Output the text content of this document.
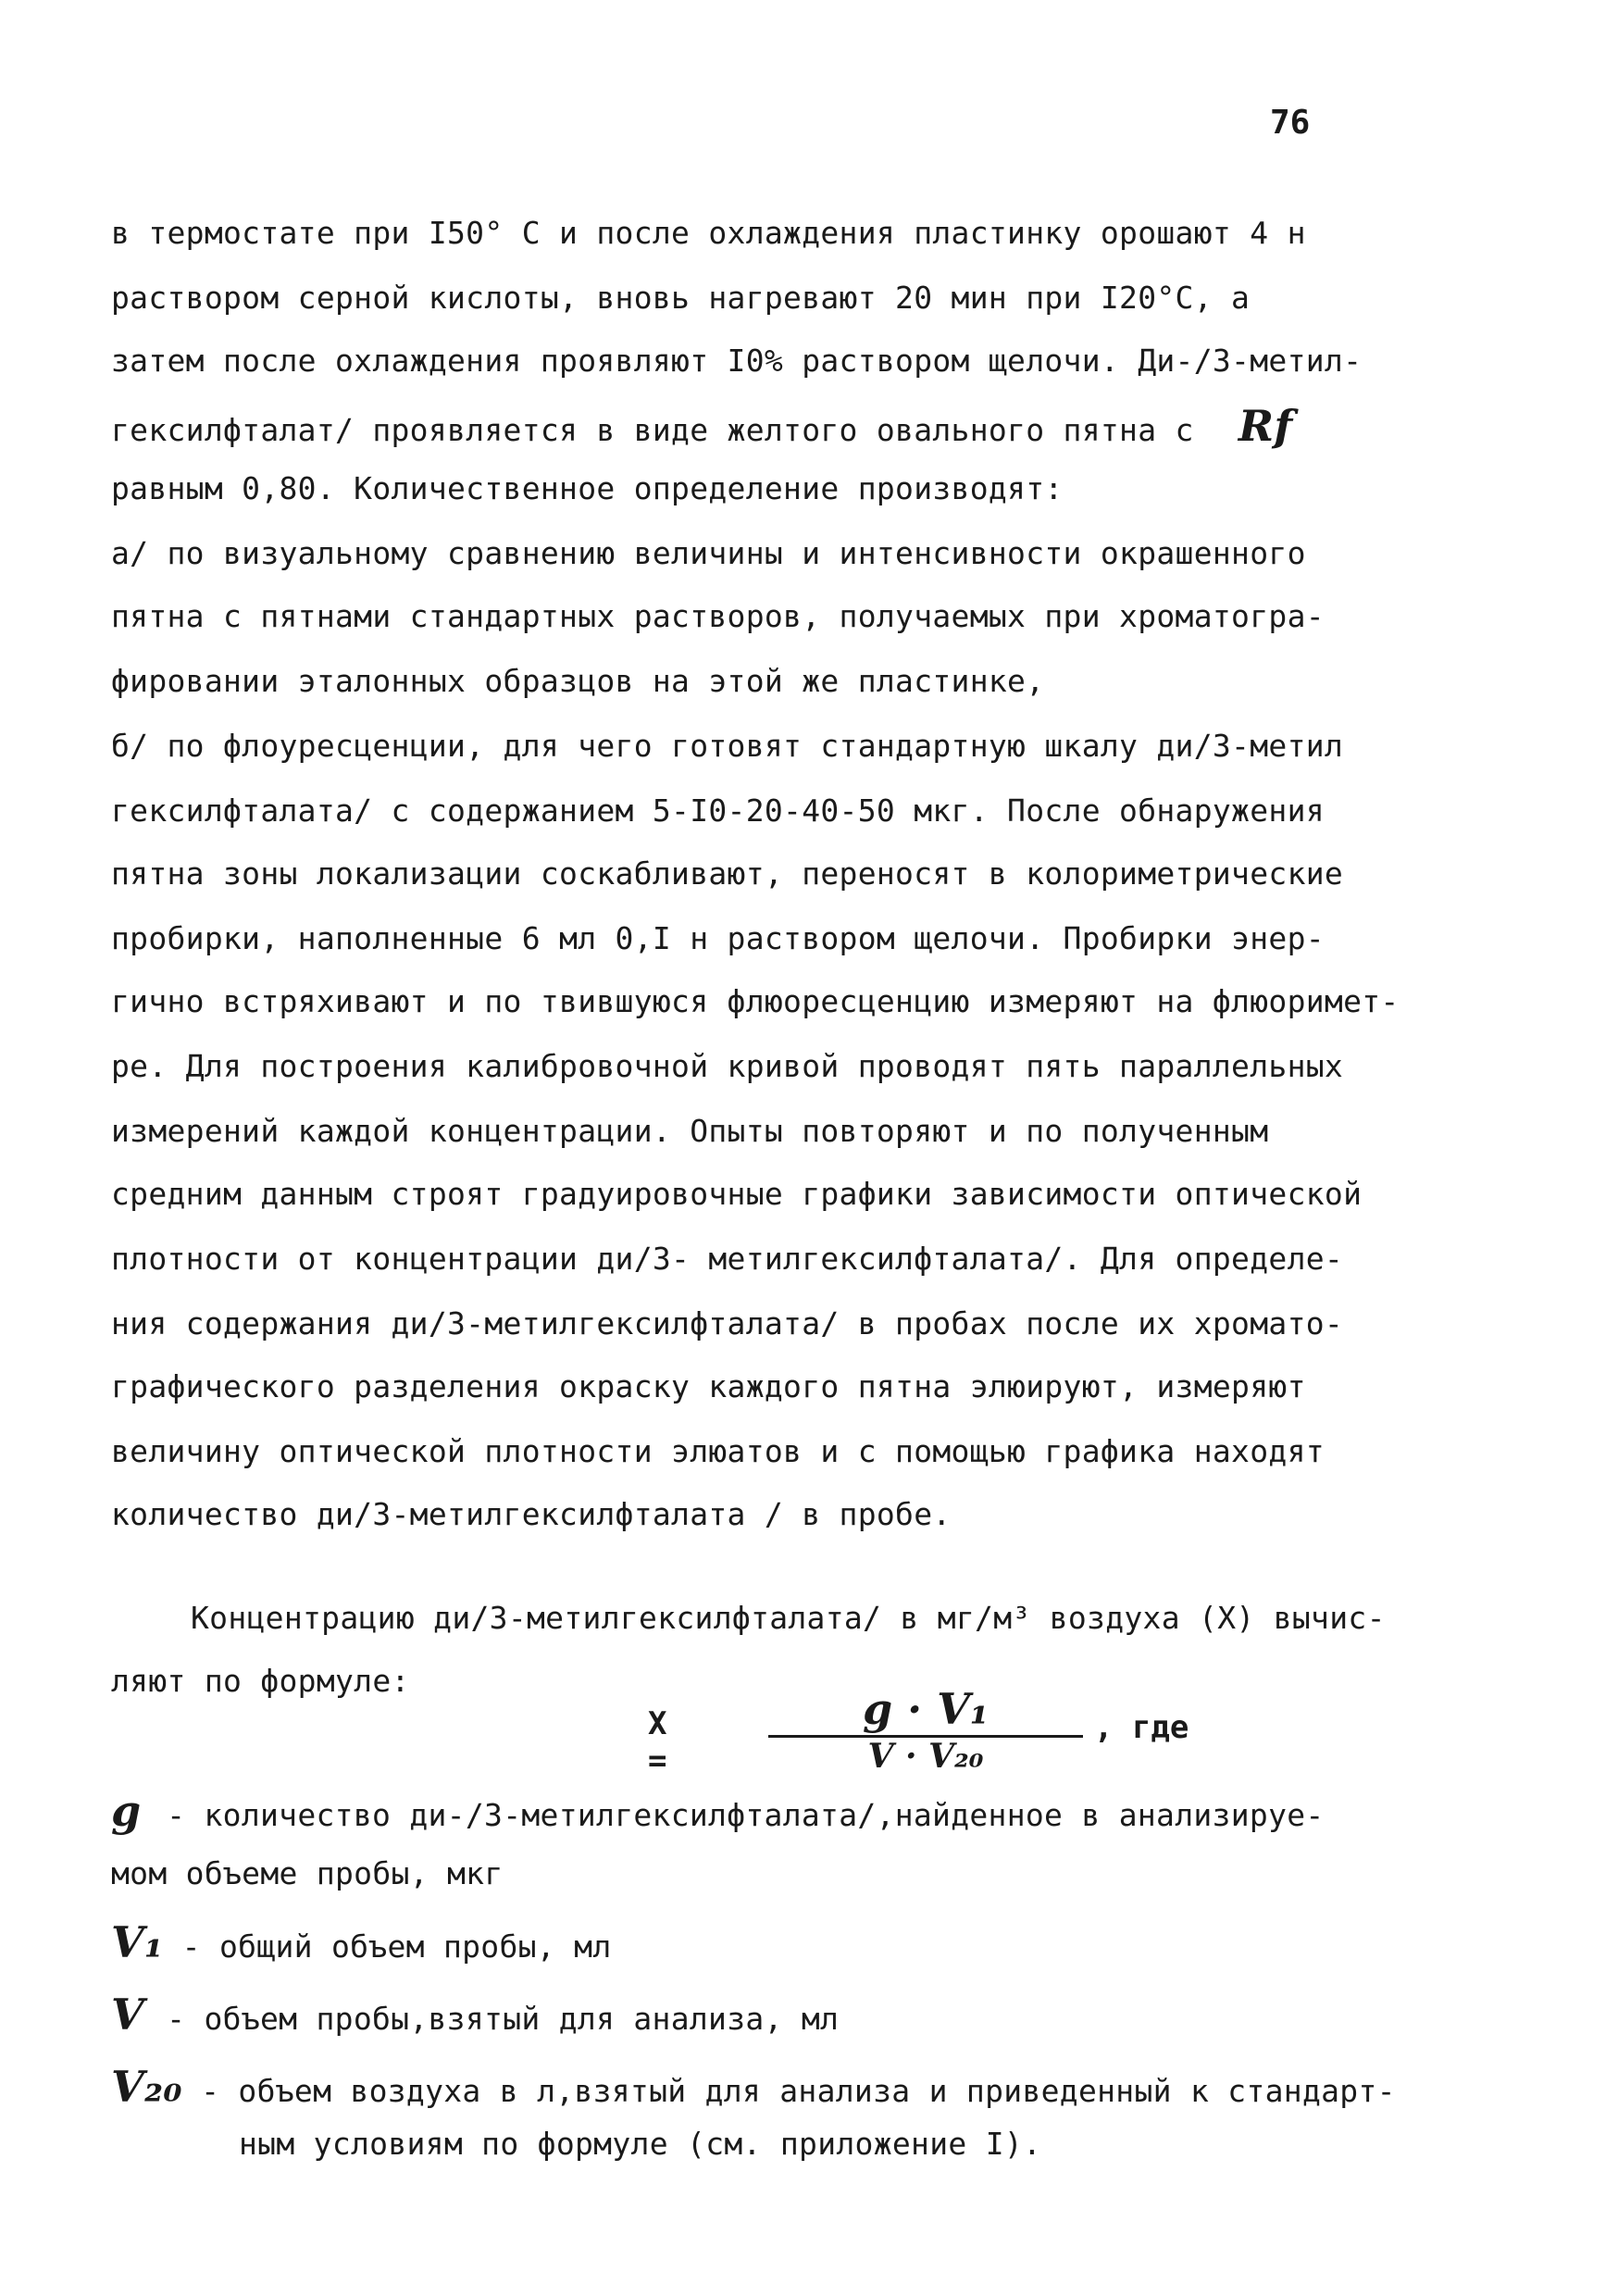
76
в термостате при I50° С и после охлаждения пластинку орошают 4 н
раствором серной кислоты, вновь нагревают 20 мин при I20°С, а
затем после охлаждения проявляют I0% раствором щелочи. Ди-/3-метил-
гексилфталат/ проявляется в виде желтого овального пятна с Rf
равным 0,80. Количественное определение производят:
а/ по визуальному сравнению величины и интенсивности окрашенного
пятна с пятнами стандартных растворов, получаемых при хроматогра-
фировании эталонных образцов на этой же пластинке,
б/ по флоуресценции, для чего готовят стандартную шкалу ди/3-метил
гексилфталата/ с содержанием 5-I0-20-40-50 мкг. После обнаружения
пятна зоны локализации соскабливают, переносят в колориметрические
пробирки, наполненные 6 мл 0,I н раствором щелочи. Пробирки энер-
гично встряхивают и по твившуюся флюоресценцию измеряют на флюоримет-
ре. Для построения калибровочной кривой проводят пять параллельных
измерений каждой концентрации. Опыты повторяют и по полученным
средним данным строят градуировочные графики зависимости оптической
плотности от концентрации ди/3- метилгексилфталата/. Для определе-
ния содержания ди/3-метилгексилфталата/ в пробах после их хромато-
графического разделения окраску каждого пятна элюируют, измеряют
величину оптической плотности элюатов и с помощью графика находят
количество ди/3-метилгексилфталата / в пробе.
Концентрацию ди/3-метилгексилфталата/ в мг/м³ воздуха (Х) вычис-
ляют по формуле:
Х =
g · V₁
V · V₂₀
, где
g - количество ди-/3-метилгексилфталата/,найденное в анализируе-
мом объеме пробы, мкг
V₁ - общий объем пробы, мл
V - объем пробы,взятый для анализа, мл
V₂₀ - объем воздуха в л,взятый для анализа и приведенный к стандарт-
ным условиям по формуле (см. приложение I).
